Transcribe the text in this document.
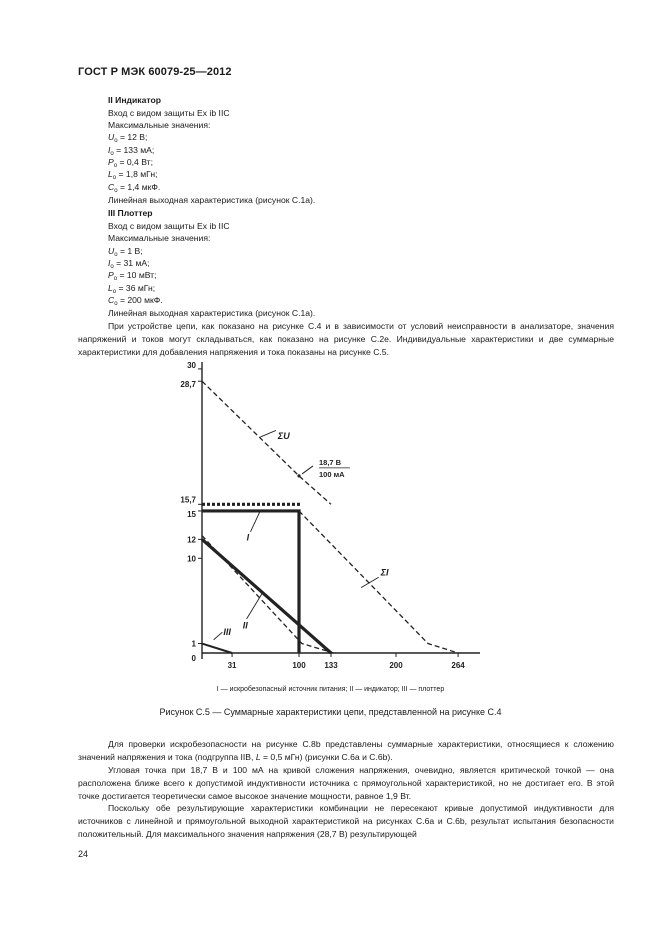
ГОСТ Р МЭК 60079-25—2012
II Индикатор
Вход с видом защиты Ex ib IIC
Максимальные значения:
$U_o = 12$ В;
$I_o = 133$ мА;
$P_o = 0,4$ Вт;
$L_o = 1,8$ мГн;
$C_o = 1,4$ мкФ.
Линейная выходная характеристика (рисунок С.1а).
III Плоттер
Вход с видом защиты Ex ib IIC
Максимальные значения:
$U_o = 1$ В;
$I_o = 31$ мА;
$P_o = 10$ мВт;
$L_o = 36$ мГн;
$C_o = 200$ мкФ.
Линейная выходная характеристика (рисунок С.1а).
При устройстве цепи, как показано на рисунке С.4 и в зависимости от условий неисправности в анализаторе, значения напряжений и токов могут складываться, как показано на рисунке С.2е. Индивидуальные характеристики и две суммарные характеристики для добавления напряжения и тока показаны на рисунке С.5.
31	100 133	200	264
1
10
12
15
15,7
28,7
30
0
18,7 В
100 мА
ΣU
ΣI
I
II
III
I — искробезопасный источник питания; II — индикатор; III — плоттер
Рисунок С.5 — Суммарные характеристики цепи, представленной на рисунке С.4
Для проверки искробезопасности на рисунке С.8b представлены суммарные характеристики, относящиеся к сложению значений напряжения и тока (подгруппа IIB, L = 0,5 мГн) (рисунки С.6а и С.6b).
Угловая точка при 18,7 В и 100 мА на кривой сложения напряжения, очевидно, является критической точкой — она расположена ближе всего к допустимой индуктивности источника с прямоугольной характеристикой, но не достигает его. В этой точке достигается теоретически самое высокое значение мощности, равное 1,9 Вт.
Поскольку обе результирующие характеристики комбинации не пересекают кривые допустимой индуктивности для источников с линейной и прямоугольной выходной характеристикой на рисунках С.6а и С.6b, результат испытания безопасности положительный. Для максимального значения напряжения (28,7 В) результирующей
24
